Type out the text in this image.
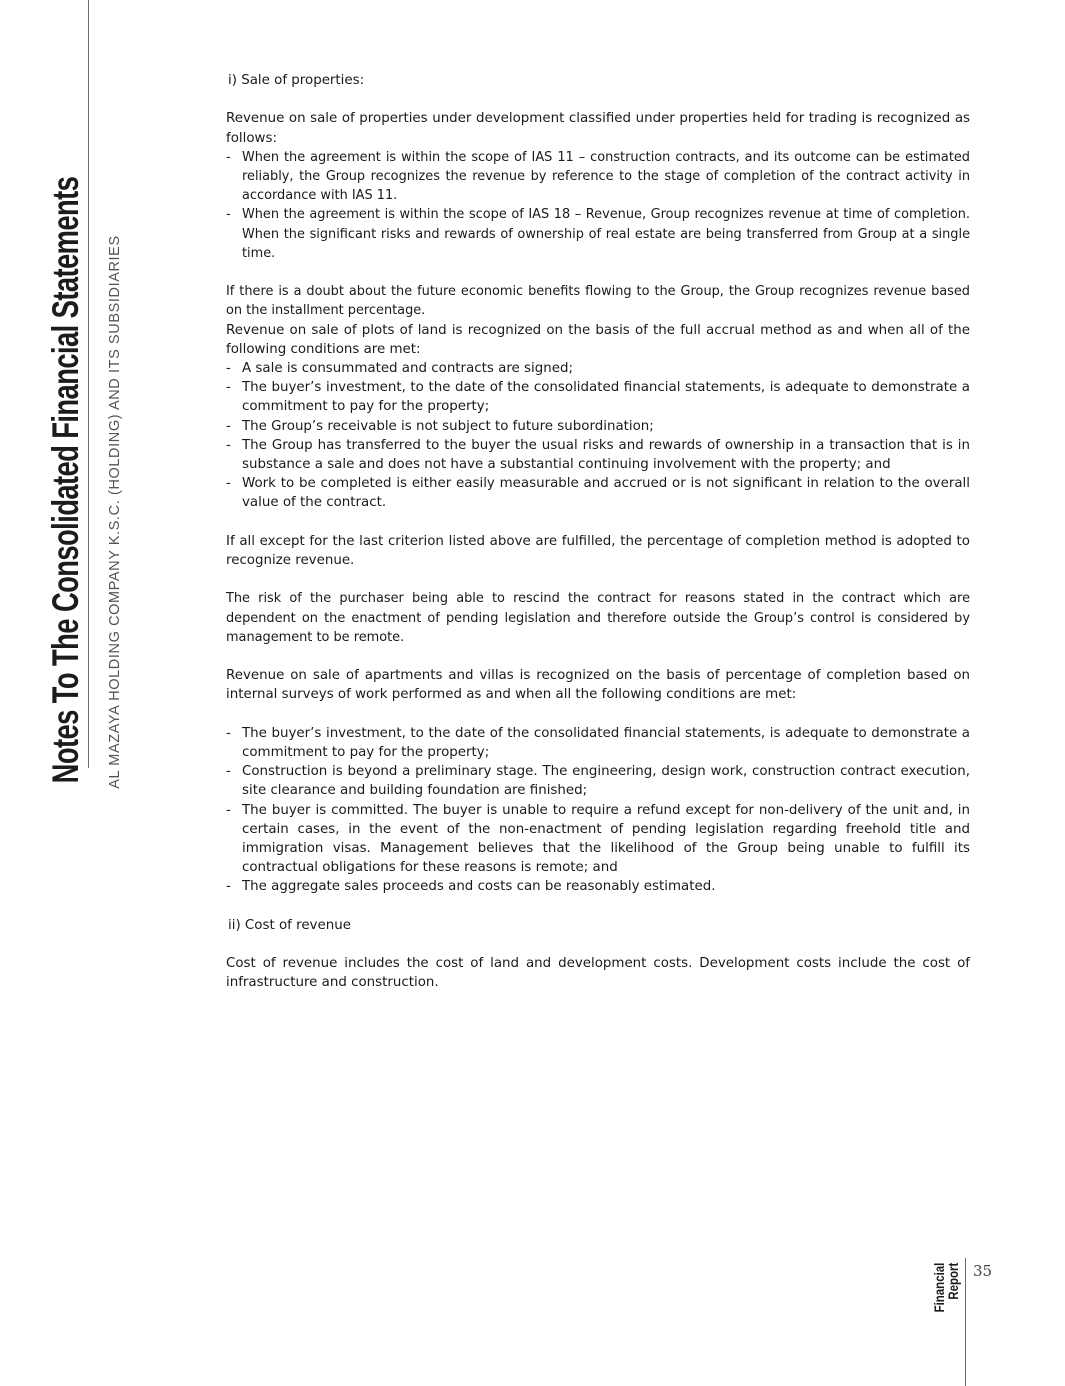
Notes To The Consolidated Financial Statements AL MAZAYA HOLDING COMPANY K.S.C. (HOLDING) AND ITS SUBSIDIARIES

i) Sale of properties:

Revenue on sale of properties under development classified under properties held for trading is recognized as follows:

- When the agreement is within the scope of IAS 11 – construction contracts, and its outcome can be estimated reliably, the Group recognizes the revenue by reference to the stage of completion of the contract activity in accordance with IAS 11.
- When the agreement is within the scope of IAS 18 – Revenue, Group recognizes revenue at time of completion. When the significant risks and rewards of ownership of real estate are being transferred from Group at a single time.

If there is a doubt about the future economic benefits flowing to the Group, the Group recognizes revenue based on the installment percentage.

Revenue on sale of plots of land is recognized on the basis of the full accrual method as and when all of the following conditions are met:

- A sale is consummated and contracts are signed;
- The buyer’s investment, to the date of the consolidated financial statements, is adequate to demonstrate a commitment to pay for the property;
- The Group’s receivable is not subject to future subordination;
- The Group has transferred to the buyer the usual risks and rewards of ownership in a transaction that is in substance a sale and does not have a substantial continuing involvement with the property; and
- Work to be completed is either easily measurable and accrued or is not significant in relation to the overall value of the contract.

If all except for the last criterion listed above are fulfilled, the percentage of completion method is adopted to recognize revenue.

The risk of the purchaser being able to rescind the contract for reasons stated in the contract which are dependent on the enactment of pending legislation and therefore outside the Group’s control is considered by management to be remote.

Revenue on sale of apartments and villas is recognized on the basis of percentage of completion based on internal surveys of work performed as and when all the following conditions are met:

- The buyer’s investment, to the date of the consolidated financial statements, is adequate to demonstrate a commitment to pay for the property;
- Construction is beyond a preliminary stage. The engineering, design work, construction contract execution, site clearance and building foundation are finished;
- The buyer is committed. The buyer is unable to require a refund except for non-delivery of the unit and, in certain cases, in the event of the non-enactment of pending legislation regarding freehold title and immigration visas. Management believes that the likelihood of the Group being unable to fulfill its contractual obligations for these reasons is remote; and
- The aggregate sales proceeds and costs can be reasonably estimated.

ii) Cost of revenue

Cost of revenue includes the cost of land and development costs. Development costs include the cost of infrastructure and construction.

Financial
Report 35
